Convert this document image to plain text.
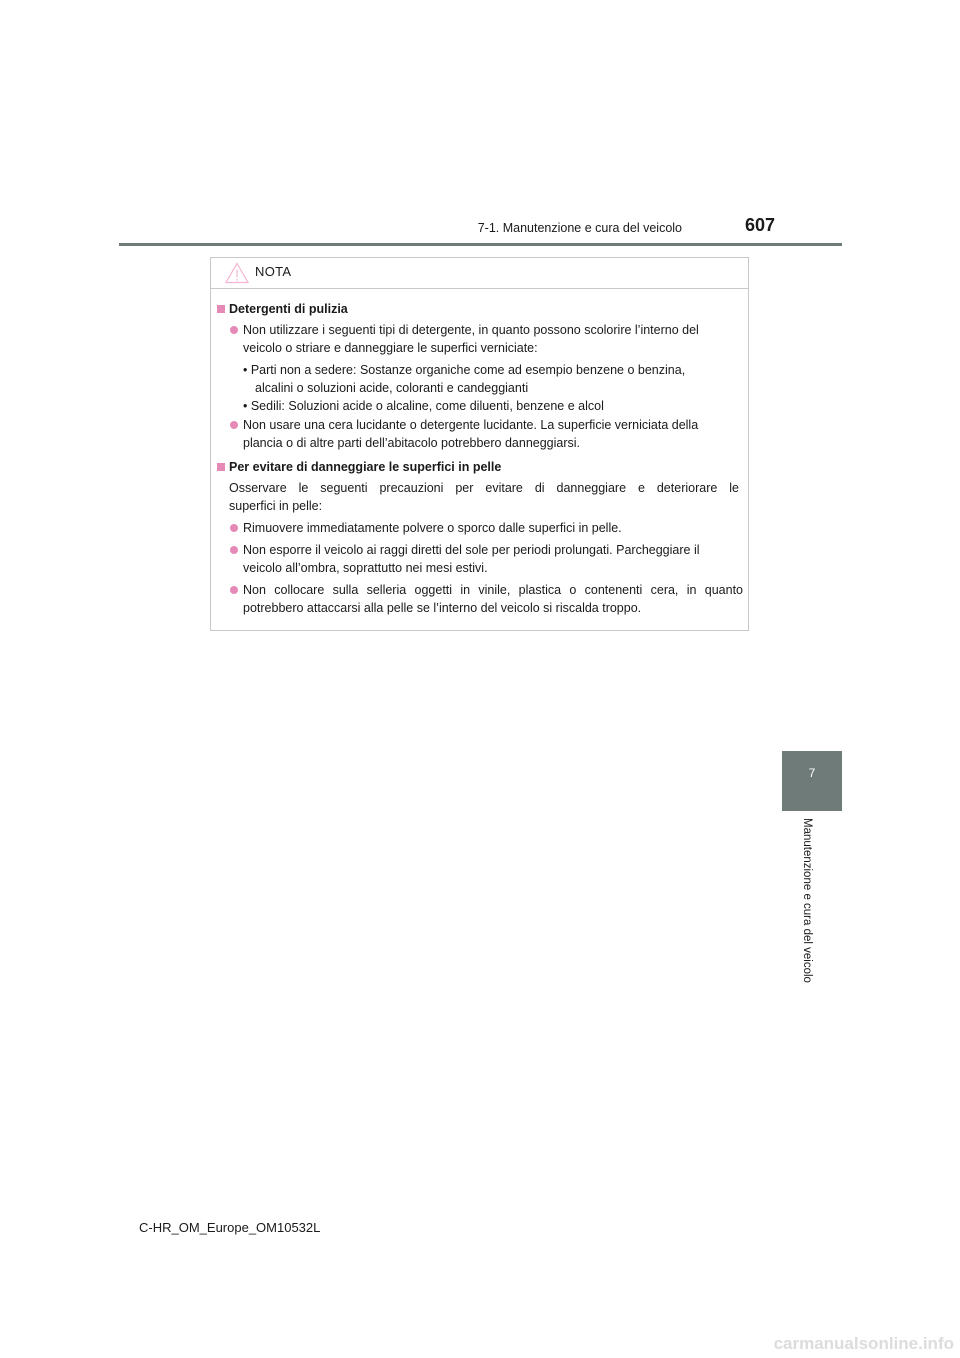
7-1. Manutenzione e cura del veicolo	607
7
Manutenzione e cura del veicolo
NOTA
Detergenti di pulizia
Non utilizzare i seguenti tipi di detergente, in quanto possono scolorire l’interno del
veicolo o striare e danneggiare le superfici verniciate:
• Parti non a sedere: Sostanze organiche come ad esempio benzene o benzina,
alcalini o soluzioni acide, coloranti e candeggianti
• Sedili: Soluzioni acide o alcaline, come diluenti, benzene e alcol
Non usare una cera lucidante o detergente lucidante. La superficie verniciata della
plancia o di altre parti dell’abitacolo potrebbero danneggiarsi.
Per evitare di danneggiare le superfici in pelle
Osservare le seguenti precauzioni per evitare di danneggiare e deteriorare le
superfici in pelle:
Rimuovere immediatamente polvere o sporco dalle superfici in pelle.
Non esporre il veicolo ai raggi diretti del sole per periodi prolungati. Parcheggiare il
veicolo all’ombra, soprattutto nei mesi estivi.
Non collocare sulla selleria oggetti in vinile, plastica o contenenti cera, in quanto
potrebbero attaccarsi alla pelle se l’interno del veicolo si riscalda troppo.
C-HR_OM_Europe_OM10532L
carmanualsonline.info
